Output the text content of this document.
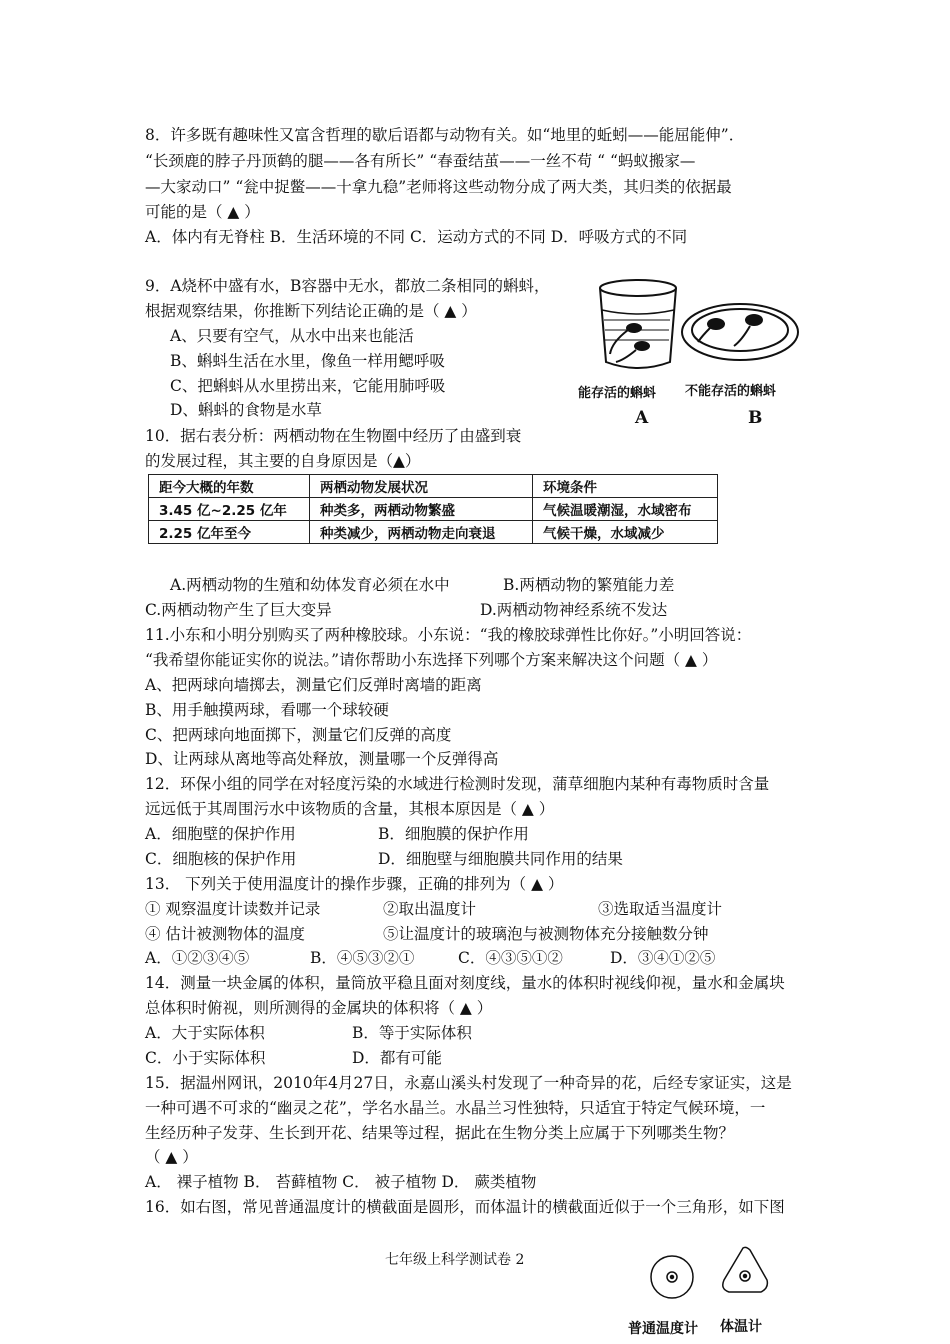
8．许多既有趣味性又富含哲理的歇后语都与动物有关。如“地里的蚯蚓——能屈能伸”．
“长颈鹿的脖子丹顶鹤的腿——各有所长” “春蚕结茧——一丝不苟 “ “蚂蚁搬家—
—大家动口” “瓮中捉鳖——十拿九稳”老师将这些动物分成了两大类，其归类的依据最
可能的是（ ▲ ）
A．体内有无脊柱 B．生活环境的不同 C．运动方式的不同 D．呼吸方式的不同
9．A烧杯中盛有水，B容器中无水，都放二条相同的蝌蚪，
根据观察结果，你推断下列结论正确的是（ ▲ ）
A、只要有空气，从水中出来也能活
B、蝌蚪生活在水里，像鱼一样用鳃呼吸
C、把蝌蚪从水里捞出来，它能用肺呼吸
D、蝌蚪的食物是水草
能存活的蝌蚪 不能存活的蝌蚪
A	B
10．据右表分析：两栖动物在生物圈中经历了由盛到衰
的发展过程，其主要的自身原因是（▲）
距今大概的年数	两栖动物发展状况	环境条件
3.45 亿~2.25 亿年	种类多，两栖动物繁盛	气候温暖潮湿，水域密布
2.25 亿年至今	种类减少，两栖动物走向衰退	气候干燥，水域减少
A.两栖动物的生殖和幼体发育必须在水中	B.两栖动物的繁殖能力差
C.两栖动物产生了巨大变异	D.两栖动物神经系统不发达
11.小东和小明分别购买了两种橡胶球。小东说：“我的橡胶球弹性比你好。”小明回答说：
“我希望你能证实你的说法。”请你帮助小东选择下列哪个方案来解决这个问题（ ▲ ）
A、把两球向墙掷去，测量它们反弹时离墙的距离
B、用手触摸两球，看哪一个球较硬
C、把两球向地面掷下，测量它们反弹的高度
D、让两球从离地等高处释放，测量哪一个反弹得高
12．环保小组的同学在对轻度污染的水域进行检测时发现，蒲草细胞内某种有毒物质时含量
远远低于其周围污水中该物质的含量，其根本原因是（ ▲ ）
A．细胞壁的保护作用	B．细胞膜的保护作用
C．细胞核的保护作用	D．细胞壁与细胞膜共同作用的结果
13． 下列关于使用温度计的操作步骤，正确的排列为（ ▲ ）
① 观察温度计读数并记录	②取出温度计	③选取适当温度计
④ 估计被测物体的温度	⑤让温度计的玻璃泡与被测物体充分接触数分钟
A．①②③④⑤	B．④⑤③②①	C．④③⑤①②	D．③④①②⑤
14．测量一块金属的体积，量筒放平稳且面对刻度线，量水的体积时视线仰视，量水和金属块
总体积时俯视，则所测得的金属块的体积将（ ▲ ）
A．大于实际体积	B．等于实际体积
C．小于实际体积	D．都有可能
15．据温州网讯，2010年4月27日，永嘉山溪头村发现了一种奇异的花，后经专家证实，这是
一种可遇不可求的“幽灵之花”，学名水晶兰。水晶兰习性独特，只适宜于特定气候环境，一
生经历种子发芽、生长到开花、结果等过程，据此在生物分类上应属于下列哪类生物？
（ ▲ ）
A． 裸子植物 B． 苔藓植物 C． 被子植物 D． 蕨类植物
16．如右图，常见普通温度计的横截面是圆形，而体温计的横截面近似于一个三角形，如下图
七年级上科学测试卷 2
普通温度计 体温计
